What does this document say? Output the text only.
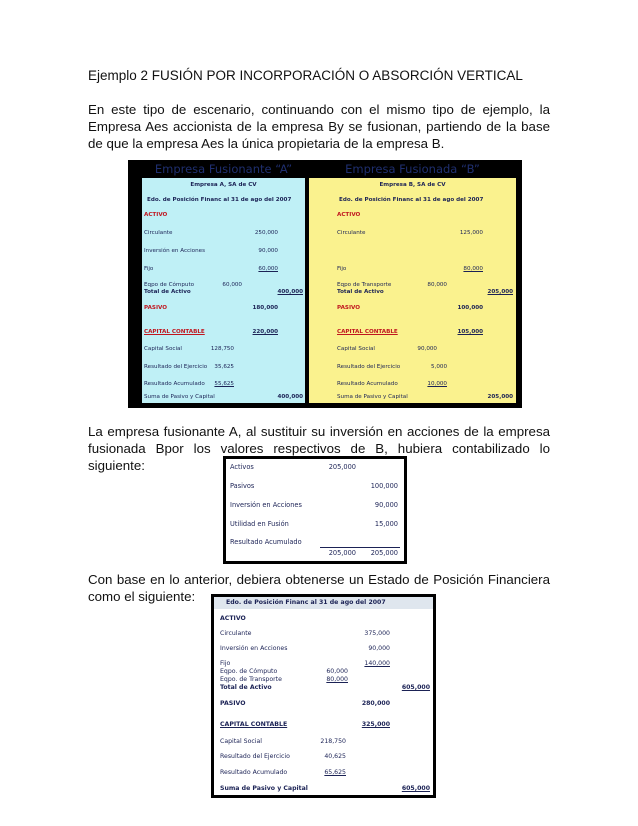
Ejemplo 2 FUSIÓN POR INCORPORACIÓN O ABSORCIÓN VERTICAL
En este tipo de escenario, continuando con el mismo tipo de ejemplo, la Empresa Aes accionista de la empresa By se fusionan, partiendo de la base de que la empresa Aes la única propietaria de la empresa B.
Empresa Fusionante “A”	Empresa Fusionada “B”
Empresa A, SA de CV
Edo. de Posición Financ al 31 de ago del 2007
ACTIVO
Circulante	250,000
Inversión en Acciones	90,000
Fijo	60,000
Eqpo de Cómputo	60,000
Total de Activo	400,000
PASIVO	180,000
CAPITAL CONTABLE	220,000
Capital Social	128,750
Resultado del Ejercicio	35,625
Resultado Acumulado	55,625
Suma de Pasivo y Capital	400,000
Empresa B, SA de CV
Edo. de Posición Financ al 31 de ago del 2007
ACTIVO
Circulante	125,000
Fijo	80,000
Eqpo de Transporte	80,000
Total de Activo	205,000
PASIVO	100,000
CAPITAL CONTABLE	105,000
Capital Social	90,000
Resultado del Ejercicio	5,000
Resultado Acumulado	10,000
Suma de Pasivo y Capital	205,000
La empresa fusionante A, al sustituir su inversión en acciones de la empresa fusionada Bpor los valores respectivos de B, hubiera contabilizado lo siguiente:	Activos	205,000
Pasivos	100,000
Inversión en Acciones	90,000
Utilidad en Fusión	15,000
Resultado Acumulado
205,000	205,000
Con base en lo anterior, debiera obtenerse un Estado de Posición Financiera como el siguiente:	Edo. de Posición Financ al 31 de ago del 2007
ACTIVO
Circulante	375,000
Inversión en Acciones	90,000
Fijo	140,000
Eqpo. de Cómputo	60,000
Eqpo. de Transporte	80,000
Total de Activo	605,000
PASIVO	280,000
CAPITAL CONTABLE	325,000
Capital Social	218,750
Resultado del Ejercicio	40,625
Resultado Acumulado	65,625
Suma de Pasivo y Capital	605,000
